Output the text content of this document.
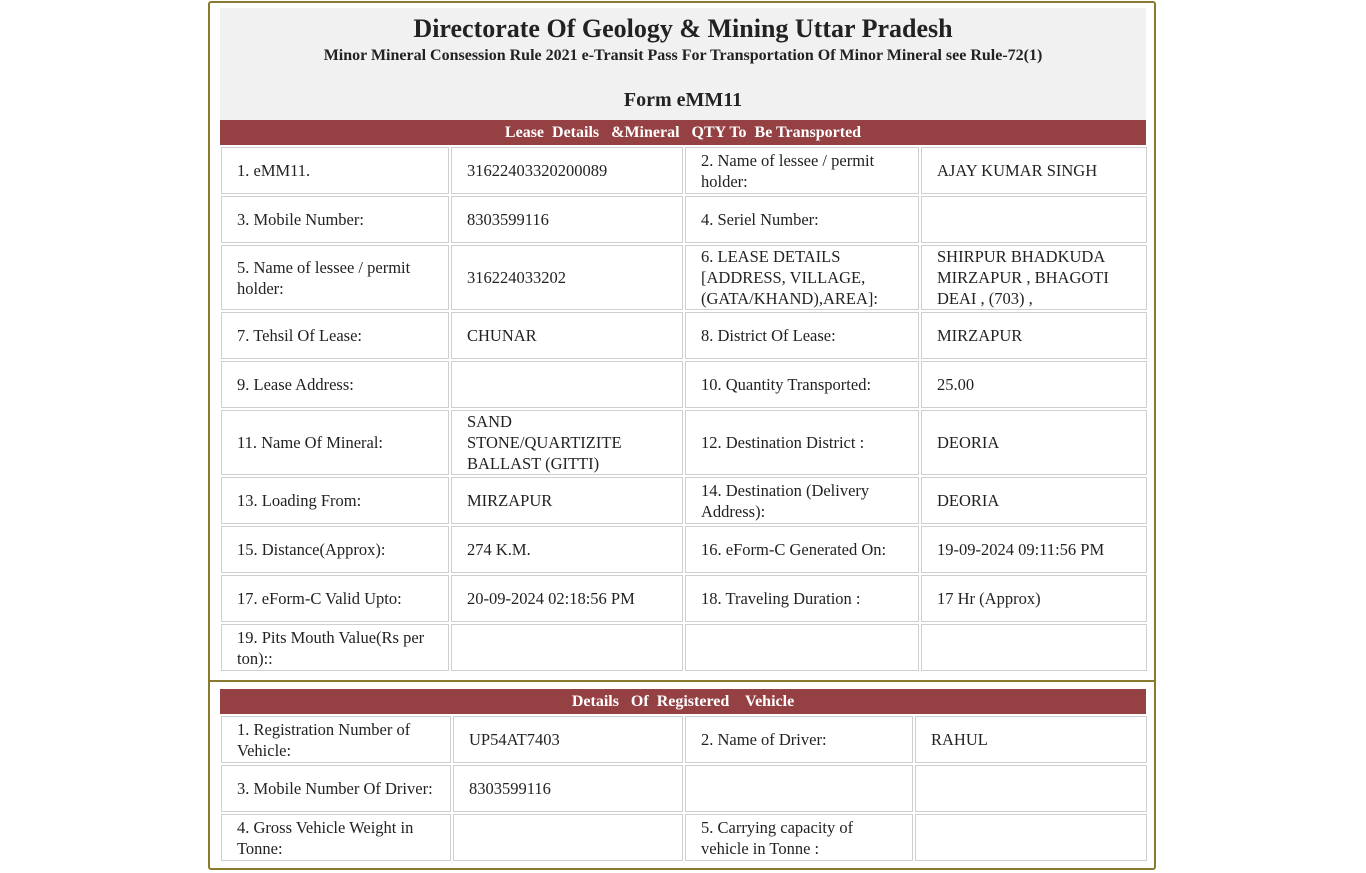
Directorate Of Geology & Mining Uttar Pradesh
Minor Mineral Consession Rule 2021 e-Transit Pass For Transportation Of Minor Mineral see Rule-72(1)
Form eMM11
Lease  Details   &Mineral   QTY To  Be Transported
1. eMM11.	31622403320200089	2. Name of lessee / permit holder:	AJAY KUMAR SINGH

3. Mobile Number:	8303599116	4. Seriel Number:	

5. Name of lessee / permit holder:	316224033202	6. LEASE DETAILS [ADDRESS, VILLAGE, (GATA/KHAND),AREA]:	SHIRPUR BHADKUDA MIRZAPUR , BHAGOTI DEAI , (703) ,

7. Tehsil Of Lease:	CHUNAR	8. District Of Lease:	MIRZAPUR

9. Lease Address:		10. Quantity Transported:	25.00

11. Name Of Mineral:	SAND STONE/QUARTIZITE BALLAST (GITTI)	12. Destination District :	DEORIA

13. Loading From:	MIRZAPUR	14. Destination (Delivery Address):	DEORIA

15. Distance(Approx):	274 K.M.	16. eForm-C Generated On:	19-09-2024 09:11:56 PM

17. eForm-C Valid Upto:	20-09-2024 02:18:56 PM	18. Traveling Duration :	17 Hr (Approx)

19. Pits Mouth Value(Rs per ton)::			

Details   Of  Registered    Vehicle
1. Registration Number of Vehicle:	UP54AT7403	2. Name of Driver:	RAHUL

3. Mobile Number Of Driver:	8303599116		

4. Gross Vehicle Weight in Tonne:		5. Carrying capacity of vehicle in Tonne :	
